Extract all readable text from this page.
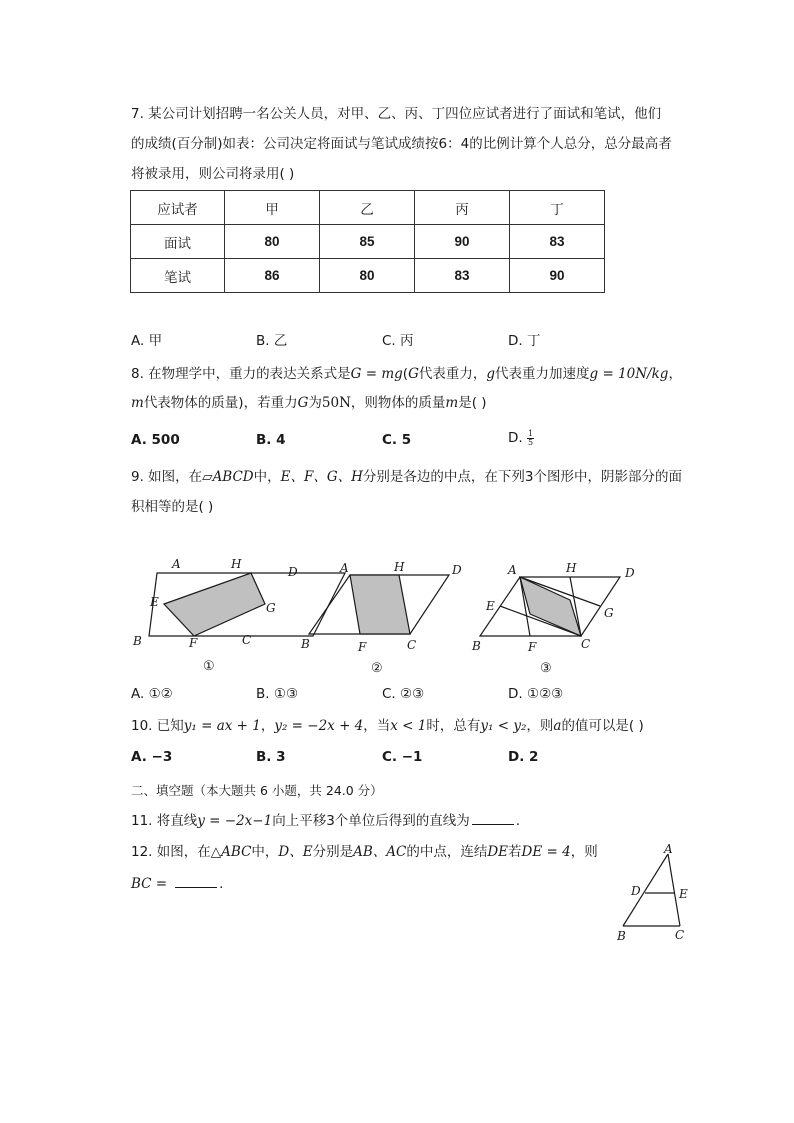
7. 某公司计划招聘一名公关人员，对甲、乙、丙、丁四位应试者进行了面试和笔试，他们
的成绩(百分制)如表：公司决定将面试与笔试成绩按6：4的比例计算个人总分，总分最高者
将被录用，则公司将录用( )
应试者	甲	乙	丙	丁
面试	80	85	90	83
笔试	86	80	83	90
A. 甲	B. 乙	C. 丙	D. 丁
8. 在物理学中，重力的表达关系式是G = mg(G代表重力，g代表重力加速度g = 10N/kg，
m代表物体的质量)，若重力G为50N，则物体的质量m是( )
A. 500	B. 4	C. 5	D. $\frac{1}{5}$
9. 如图，在▱ABCD中，E、F、G、H分别是各边的中点，在下列3个图形中，阴影部分的面
积相等的是( )
A	H
D
E	G
B	F	C
①
A	H	D
B	F	C
②
A	H	D
E	G
B	F	C
③
A. ①②	B. ①③	C. ②③	D. ①②③
10. 已知y₁ = ax + 1，y₂ = −2x + 4，当x < 1时，总有y₁ < y₂，则a的值可以是( )
A. −3	B. 3	C. −1	D. 2
二、填空题（本大题共 6 小题，共 24.0 分）
11. 将直线y = −2x−1向上平移3个单位后得到的直线为	.
12. 如图，在△ABC中，D、E分别是AB、AC的中点，连结DE若DE = 4，则
BC =	.
A
D	E
B	C
